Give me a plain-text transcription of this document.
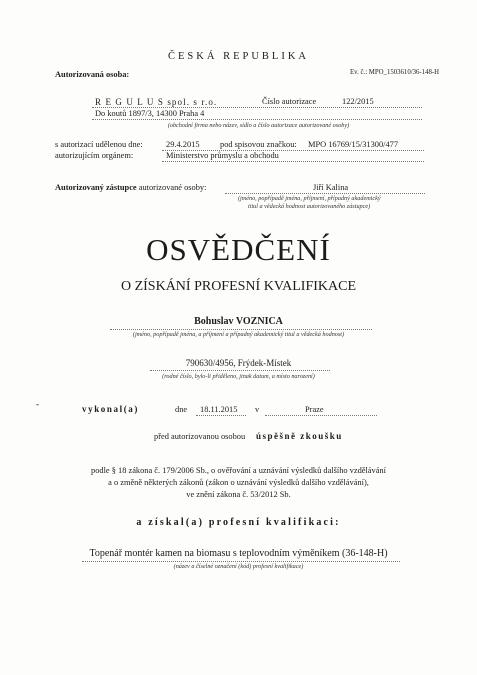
ČESKÁ REPUBLIKA
Autorizovaná osoba:	Ev. č.: MPO_1503610/36-148-H
R E G U L U S spol. s r.o.	Číslo autorizace	122/2015
Do koutů 1897/3, 14300 Praha 4
(obchodní firma nebo název, sídlo a číslo autorizace autorizované osoby)
s autorizací udělenou dne:	29.4.2015 pod spisovou značkou: MPO 16769/15/31300/477
autorizujícím orgánem:	Ministerstvo průmyslu a obchodu
Autorizovaný zástupce autorizované osoby:	Jiří Kalina
(jméno, popřípadě jména, příjmení, případný akademický
titul a vědecká hodnost autorizovaného zástupce)
OSVĚDČENÍ
O ZÍSKÁNÍ PROFESNÍ KVALIFIKACE
Bohuslav VOZNICA
(jméno, popřípadě jména, a příjmení a případný akademický titul a vědecká hodnost)
790630/4956, Frýdek-Místek
(rodné číslo, bylo-li přiděleno, jinak datum, a místo narození)
-	vykonal(a)	dne 18.11.2015 v	Praze
před autorizovanou osobou úspěšně zkoušku
podle § 18 zákona č. 179/2006 Sb., o ověřování a uznávání výsledků dalšího vzdělávání
a o změně některých zákonů (zákon o uznávání výsledků dalšího vzdělávání),
ve znění zákona č. 53/2012 Sb.
a získal(a) profesní kvalifikaci:
Topenář montér kamen na biomasu s teplovodním výměníkem (36-148-H)
(název a číselné označení (kód) profesní kvalifikace)
